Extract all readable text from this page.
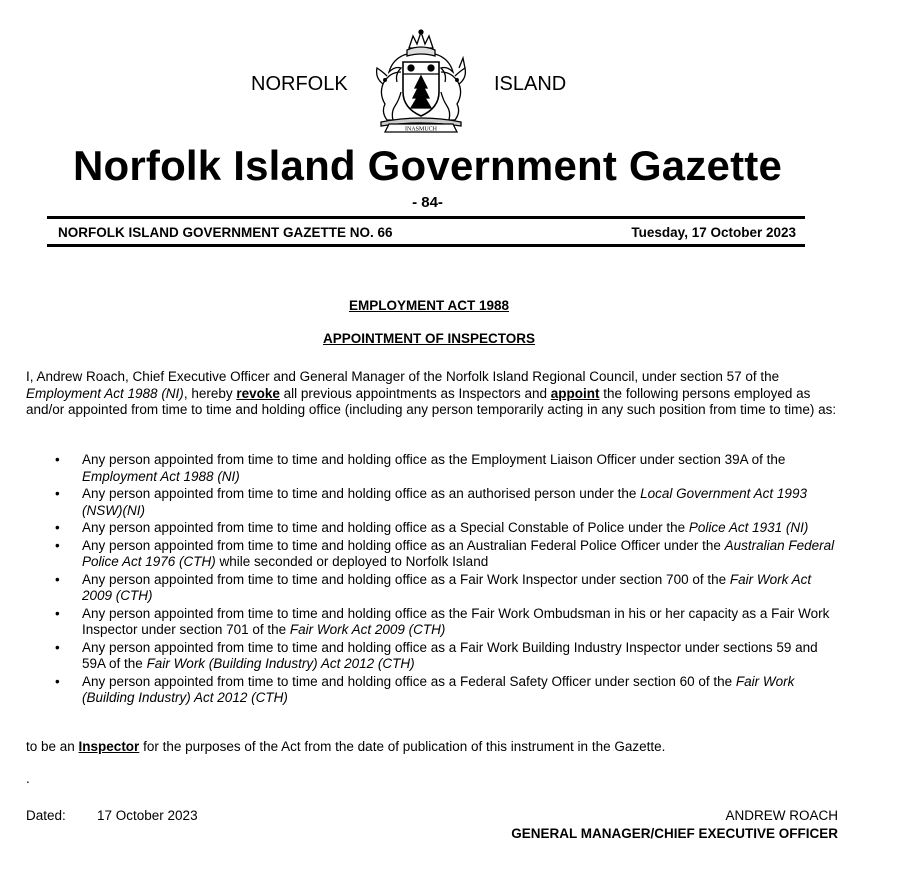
NORFOLK
INASMUCH
ISLAND
Norfolk Island Government Gazette
- 84-
NORFOLK ISLAND GOVERNMENT GAZETTE NO. 66	Tuesday, 17 October 2023
EMPLOYMENT ACT 1988
APPOINTMENT OF INSPECTORS
I, Andrew Roach, Chief Executive Officer and General Manager of the Norfolk Island Regional Council, under section 57 of the Employment Act 1988 (NI), hereby revoke all previous appointments as Inspectors and appoint the following persons employed as and/or appointed from time to time and holding office (including any person temporarily acting in any such position from time to time) as:
• Any person appointed from time to time and holding office as the Employment Liaison Officer under section 39A of the Employment Act 1988 (NI)
• Any person appointed from time to time and holding office as an authorised person under the Local Government Act 1993 (NSW)(NI)
• Any person appointed from time to time and holding office as a Special Constable of Police under the Police Act 1931 (NI)
• Any person appointed from time to time and holding office as an Australian Federal Police Officer under the Australian Federal Police Act 1976 (CTH) while seconded or deployed to Norfolk Island
• Any person appointed from time to time and holding office as a Fair Work Inspector under section 700 of the Fair Work Act 2009 (CTH)
• Any person appointed from time to time and holding office as the Fair Work Ombudsman in his or her capacity as a Fair Work Inspector under section 701 of the Fair Work Act 2009 (CTH)
• Any person appointed from time to time and holding office as a Fair Work Building Industry Inspector under sections 59 and 59A of the Fair Work (Building Industry) Act 2012 (CTH)
• Any person appointed from time to time and holding office as a Federal Safety Officer under section 60 of the Fair Work (Building Industry) Act 2012 (CTH)
to be an Inspector for the purposes of the Act from the date of publication of this instrument in the Gazette.
.
Dated: 17 October 2023	ANDREW ROACH
GENERAL MANAGER/CHIEF EXECUTIVE OFFICER
